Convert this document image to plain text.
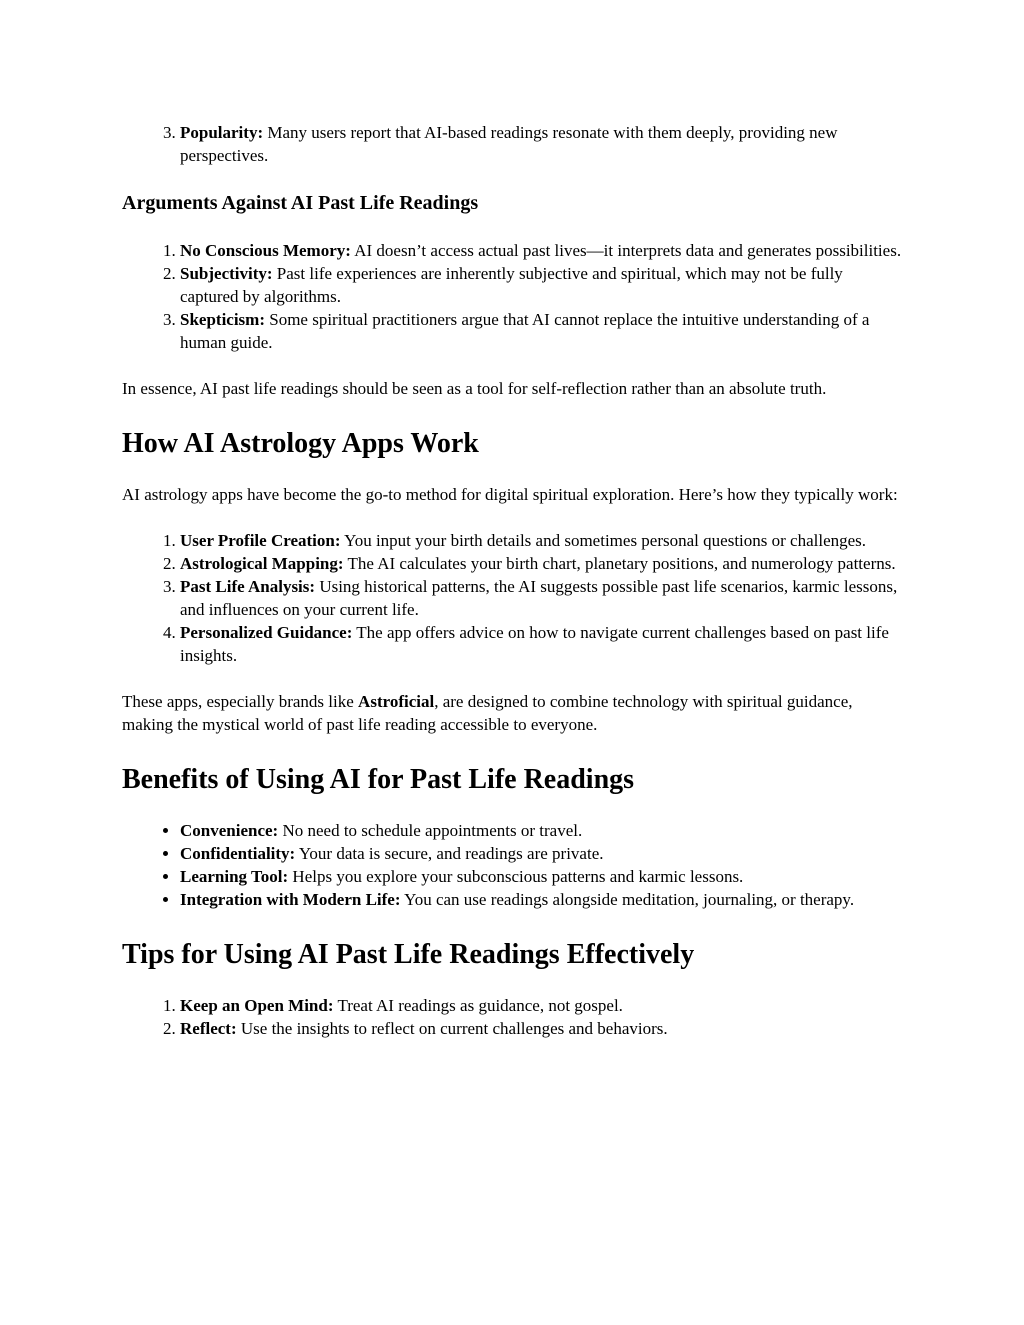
3. Popularity: Many users report that AI-based readings resonate with them deeply, providing new perspectives.
Arguments Against AI Past Life Readings
1. No Conscious Memory: AI doesn’t access actual past lives—it interprets data and generates possibilities.
2. Subjectivity: Past life experiences are inherently subjective and spiritual, which may not be fully captured by algorithms.
3. Skepticism: Some spiritual practitioners argue that AI cannot replace the intuitive understanding of a human guide.

In essence, AI past life readings should be seen as a tool for self-reflection rather than an absolute truth.

How AI Astrology Apps Work

AI astrology apps have become the go-to method for digital spiritual exploration. Here’s how they typically work:

1. User Profile Creation: You input your birth details and sometimes personal questions or challenges.
2. Astrological Mapping: The AI calculates your birth chart, planetary positions, and numerology patterns.
3. Past Life Analysis: Using historical patterns, the AI suggests possible past life scenarios, karmic lessons, and influences on your current life.
4. Personalized Guidance: The app offers advice on how to navigate current challenges based on past life insights.

These apps, especially brands like Astroficial, are designed to combine technology with spiritual guidance, making the mystical world of past life reading accessible to everyone.

Benefits of Using AI for Past Life Readings
• Convenience: No need to schedule appointments or travel.
• Confidentiality: Your data is secure, and readings are private.
• Learning Tool: Helps you explore your subconscious patterns and karmic lessons.
• Integration with Modern Life: You can use readings alongside meditation, journaling, or therapy.
Tips for Using AI Past Life Readings Effectively
1. Keep an Open Mind: Treat AI readings as guidance, not gospel.
2. Reflect: Use the insights to reflect on current challenges and behaviors.
